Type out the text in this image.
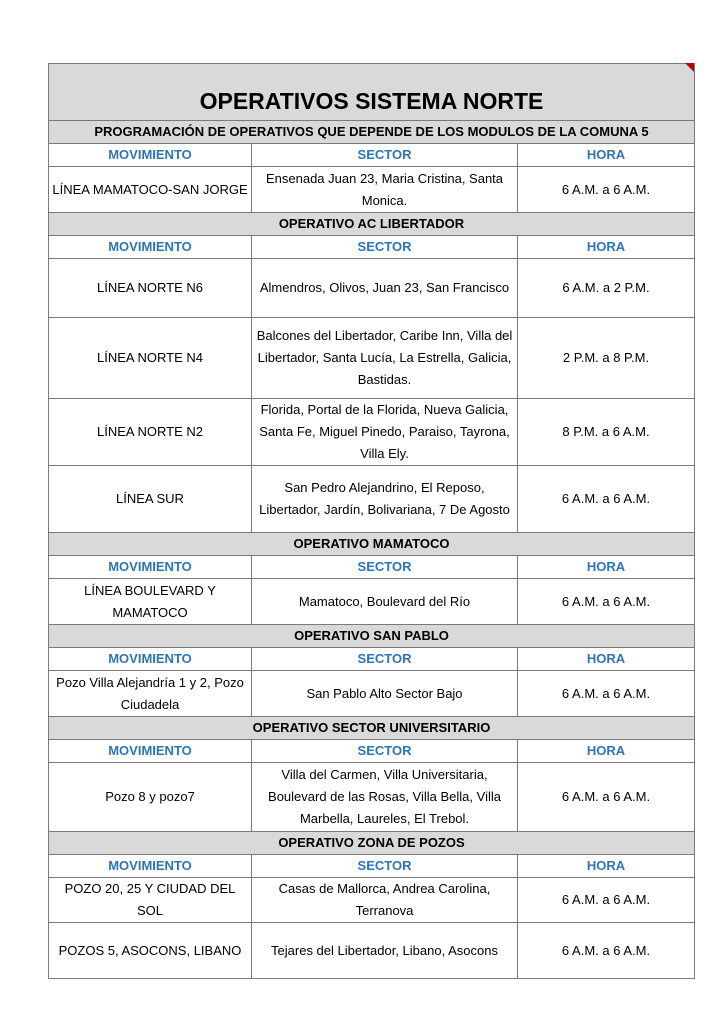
OPERATIVOS SISTEMA NORTE		
PROGRAMACIÓN DE OPERATIVOS QUE DEPENDE DE LOS MODULOS DE LA COMUNA 5		
MOVIMIENTO	SECTOR	HORA
LÍNEA MAMATOCO-SAN JORGE	Ensenada Juan 23, Maria Cristina, Santa Monica.	6 A.M. a 6 A.M.
OPERATIVO AC LIBERTADOR		
MOVIMIENTO	SECTOR	HORA
LÍNEA NORTE N6	Almendros, Olivos, Juan 23, San Francisco	6 A.M. a 2 P.M.
LÍNEA NORTE N4	Balcones del Libertador, Caribe Inn, Villa del Libertador, Santa Lucía, La Estrella, Galicia, Bastidas.	2 P.M. a 8 P.M.
LÍNEA NORTE N2	Florida, Portal de la Florida, Nueva Galicia, Santa Fe, Miguel Pinedo, Paraiso, Tayrona, Villa Ely.	8 P.M. a 6 A.M.
LÍNEA SUR	San Pedro Alejandrino, El Reposo, Libertador, Jardín, Bolivariana, 7 De Agosto	6 A.M. a 6 A.M.
OPERATIVO MAMATOCO		
MOVIMIENTO	SECTOR	HORA
LÍNEA BOULEVARD Y MAMATOCO	Mamatoco, Boulevard del Río	6 A.M. a 6 A.M.
OPERATIVO SAN PABLO		
MOVIMIENTO	SECTOR	HORA
Pozo Villa Alejandría 1 y 2, Pozo Ciudadela	San Pablo Alto Sector Bajo	6 A.M. a 6 A.M.
OPERATIVO SECTOR UNIVERSITARIO		
MOVIMIENTO	SECTOR	HORA
Pozo 8 y pozo7	Villa del Carmen, Villa Universitaria, Boulevard de las Rosas, Villa Bella, Villa Marbella, Laureles, El Trebol.	6 A.M. a 6 A.M.
OPERATIVO ZONA DE POZOS		
MOVIMIENTO	SECTOR	HORA
POZO 20, 25 Y CIUDAD DEL SOL	Casas de Mallorca, Andrea Carolina, Terranova	6 A.M. a 6 A.M.
POZOS 5, ASOCONS, LIBANO	Tejares del Libertador, Libano, Asocons	6 A.M. a 6 A.M.
